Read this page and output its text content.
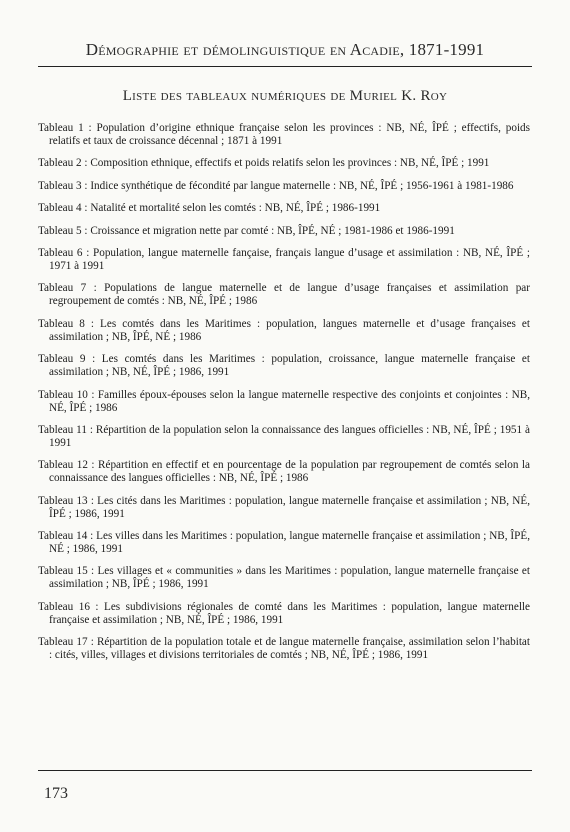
Démographie et démolinguistique en Acadie, 1871-1991
Liste des tableaux numériques de Muriel K. Roy
Tableau 1 : Population d’origine ethnique française selon les provinces : NB, NÉ, ÎPÉ ; effectifs, poids relatifs et taux de croissance décennal ; 1871 à 1991
Tableau 2 : Composition ethnique, effectifs et poids relatifs selon les provinces : NB, NÉ, ÎPÉ ; 1991
Tableau 3 : Indice synthétique de fécondité par langue maternelle : NB, NÉ, ÎPÉ ; 1956-1961 à 1981-1986
Tableau 4 : Natalité et mortalité selon les comtés : NB, NÉ, ÎPÉ ; 1986-1991
Tableau 5 : Croissance et migration nette par comté : NB, ÎPÉ, NÉ ; 1981-1986 et 1986-1991
Tableau 6 : Population, langue maternelle fançaise, français langue d’usage et assimilation : NB, NÉ, ÎPÉ ; 1971 à 1991
Tableau 7 : Populations de langue maternelle et de langue d’usage françaises et assimilation par regroupement de comtés : NB, NÉ, ÎPÉ ; 1986
Tableau 8 : Les comtés dans les Maritimes : population, langues maternelle et d’usage françaises et assimilation ; NB, ÎPÉ, NÉ ; 1986
Tableau 9 : Les comtés dans les Maritimes : population, croissance, langue maternelle française et assimilation ; NB, NÉ, ÎPÉ ; 1986, 1991
Tableau 10 : Familles époux-épouses selon la langue maternelle respective des conjoints et conjointes : NB, NÉ, ÎPÉ ; 1986
Tableau 11 : Répartition de la population selon la connaissance des langues officielles : NB, NÉ, ÎPÉ ; 1951 à 1991
Tableau 12 : Répartition en effectif et en pourcentage de la population par regroupement de comtés selon la connaissance des langues officielles : NB, NÉ, ÎPÉ ; 1986
Tableau 13 : Les cités dans les Maritimes : population, langue maternelle française et assimilation ; NB, NÉ, ÎPÉ ; 1986, 1991
Tableau 14 : Les villes dans les Maritimes : population, langue maternelle française et assimilation ; NB, ÎPÉ, NÉ ; 1986, 1991
Tableau 15 : Les villages et « communities » dans les Maritimes : population, langue maternelle française et assimilation ; NB, ÎPÉ ; 1986, 1991
Tableau 16 : Les subdivisions régionales de comté dans les Maritimes : population, langue maternelle française et assimilation ; NB, NÉ, ÎPÉ ; 1986, 1991
Tableau 17 : Répartition de la population totale et de langue maternelle française, assimilation selon l’habitat : cités, villes, villages et divisions territoriales de comtés ; NB, NÉ, ÎPÉ ; 1986, 1991
173
